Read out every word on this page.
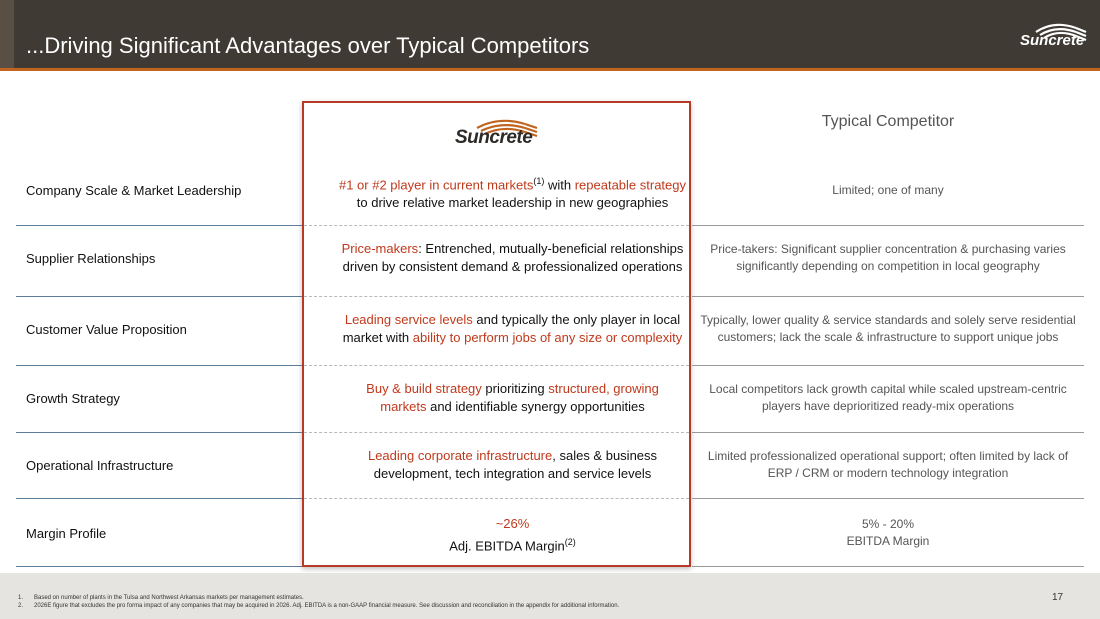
...Driving Significant Advantages over Typical Competitors	Suncrete
Suncrete
Typical Competitor
Company Scale & Market Leadership	#1 or #2 player in current markets$^{(1)}$ with repeatable strategy
to drive relative market leadership in new geographies
Limited; one of many
Supplier Relationships
Price-makers: Entrenched, mutually-beneficial relationships
driven by consistent demand & professionalized operations
Price-takers: Significant supplier concentration & purchasing varies
significantly depending on competition in local geography
Customer Value Proposition
Leading service levels and typically the only player in local
market with ability to perform jobs of any size or complexity
Typically, lower quality & service standards and solely serve residential
customers; lack the scale & infrastructure to support unique jobs
Growth Strategy
Buy & build strategy prioritizing structured, growing
markets and identifiable synergy opportunities
Local competitors lack growth capital while scaled upstream-centric
players have deprioritized ready-mix operations
Operational Infrastructure
Leading corporate infrastructure, sales & business
development, tech integration and service levels
Limited professionalized operational support; often limited by lack of
ERP / CRM or modern technology integration
Margin Profile
~26%
Adj. EBITDA Margin$^{(2)}$
5% - 20%
EBITDA Margin
1. Based on number of plants in the Tulsa and Northwest Arkansas markets per management estimates.
2. 2026E figure that excludes the pro forma impact of any companies that may be acquired in 2026. Adj. EBITDA is a non-GAAP financial measure. See discussion and reconciliation in the appendix for additional information.
17
